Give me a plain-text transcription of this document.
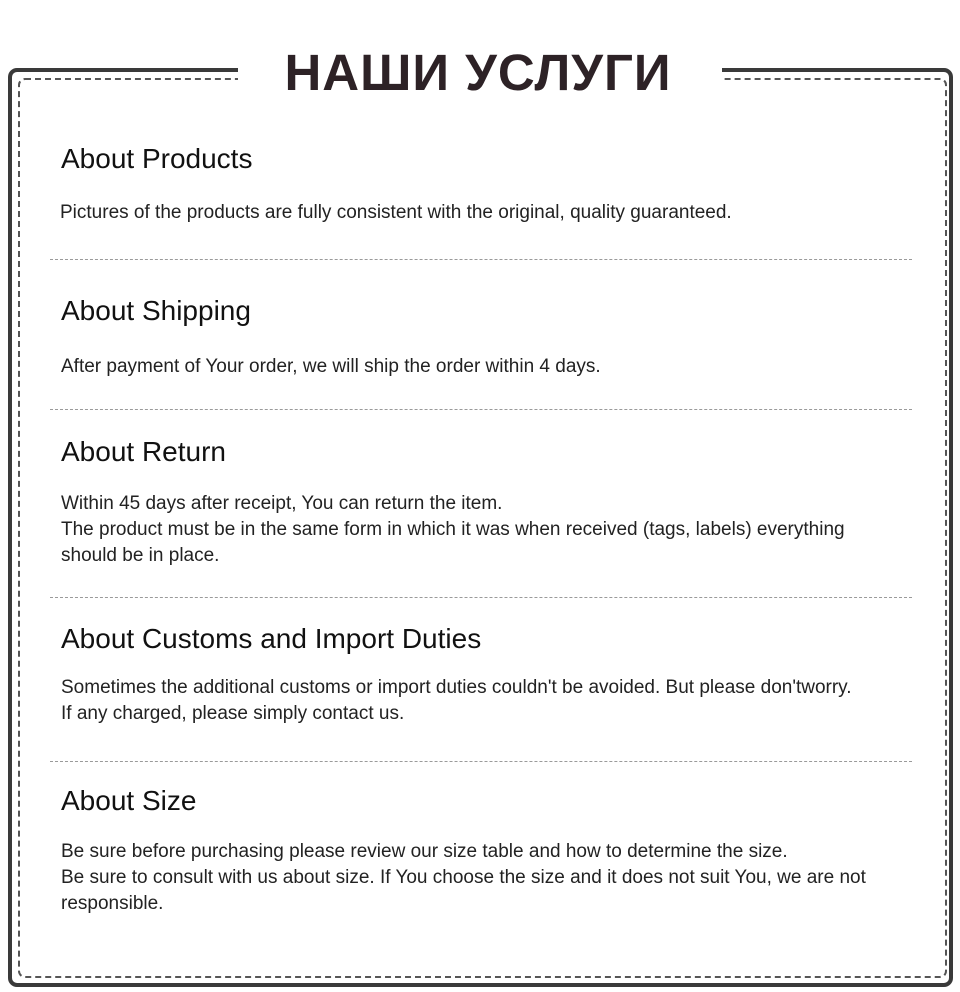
НАШИ УСЛУГИ
About Products

Pictures of the products are fully consistent with the original, quality guaranteed.

About Shipping

After payment of Your order, we will ship the order within 4 days.

About Return

Within 45 days after receipt, You can return the item.

The product must be in the same form in which it was when received (tags, labels) everything

should be in place.

About Customs and Import Duties

Sometimes the additional customs or import duties couldn't be avoided. But please don'tworry.

If any charged, please simply contact us.

About Size

Be sure before purchasing please review our size table and how to determine the size.

Be sure to consult with us about size. If You choose the size and it does not suit You, we are not

responsible.
